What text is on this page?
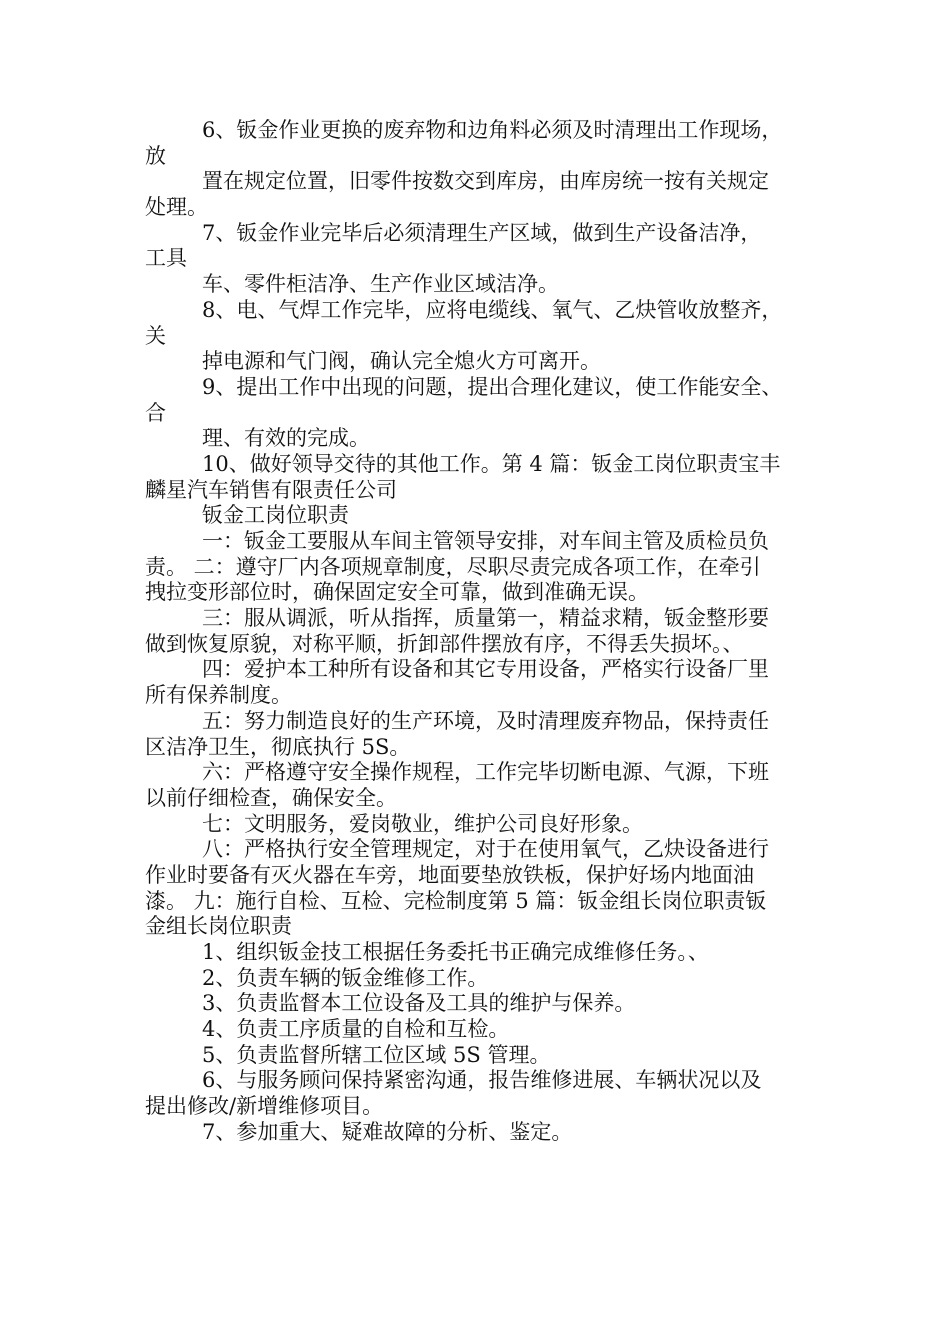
6、钣金作业更换的废弃物和边角料必须及时清理出工作现场，
放
置在规定位置，旧零件按数交到库房，由库房统一按有关规定
处理。
7、钣金作业完毕后必须清理生产区域，做到生产设备洁净，
工具
车、零件柜洁净、生产作业区域洁净。
8、电、气焊工作完毕，应将电缆线、氧气、乙炔管收放整齐，
关
掉电源和气门阀，确认完全熄火方可离开。
9、提出工作中出现的问题，提出合理化建议，使工作能安全、
合
理、有效的完成。
10、做好领导交待的其他工作。第 4 篇：钣金工岗位职责宝丰
麟星汽车销售有限责任公司
钣金工岗位职责
一：钣金工要服从车间主管领导安排，对车间主管及质检员负
责。 二：遵守厂内各项规章制度，尽职尽责完成各项工作，在牵引
拽拉变形部位时，确保固定安全可靠，做到准确无误。
三：服从调派，听从指挥，质量第一，精益求精，钣金整形要
做到恢复原貌，对称平顺，折卸部件摆放有序，不得丢失损坏。、
四：爱护本工种所有设备和其它专用设备，严格实行设备厂里
所有保养制度。
五：努力制造良好的生产环境，及时清理废弃物品，保持责任
区洁净卫生，彻底执行 5S。
六：严格遵守安全操作规程，工作完毕切断电源、气源，下班
以前仔细检查，确保安全。
七：文明服务，爱岗敬业，维护公司良好形象。
八：严格执行安全管理规定，对于在使用氧气，乙炔设备进行
作业时要备有灭火器在车旁，地面要垫放铁板，保护好场内地面油
漆。 九：施行自检、互检、完检制度第 5 篇：钣金组长岗位职责钣
金组长岗位职责
1、组织钣金技工根据任务委托书正确完成维修任务。、
2、负责车辆的钣金维修工作。
3、负责监督本工位设备及工具的维护与保养。
4、负责工序质量的自检和互检。
5、负责监督所辖工位区域 5S 管理。
6、与服务顾问保持紧密沟通，报告维修进展、车辆状况以及
提出修改/新增维修项目。
7、参加重大、疑难故障的分析、鉴定。
